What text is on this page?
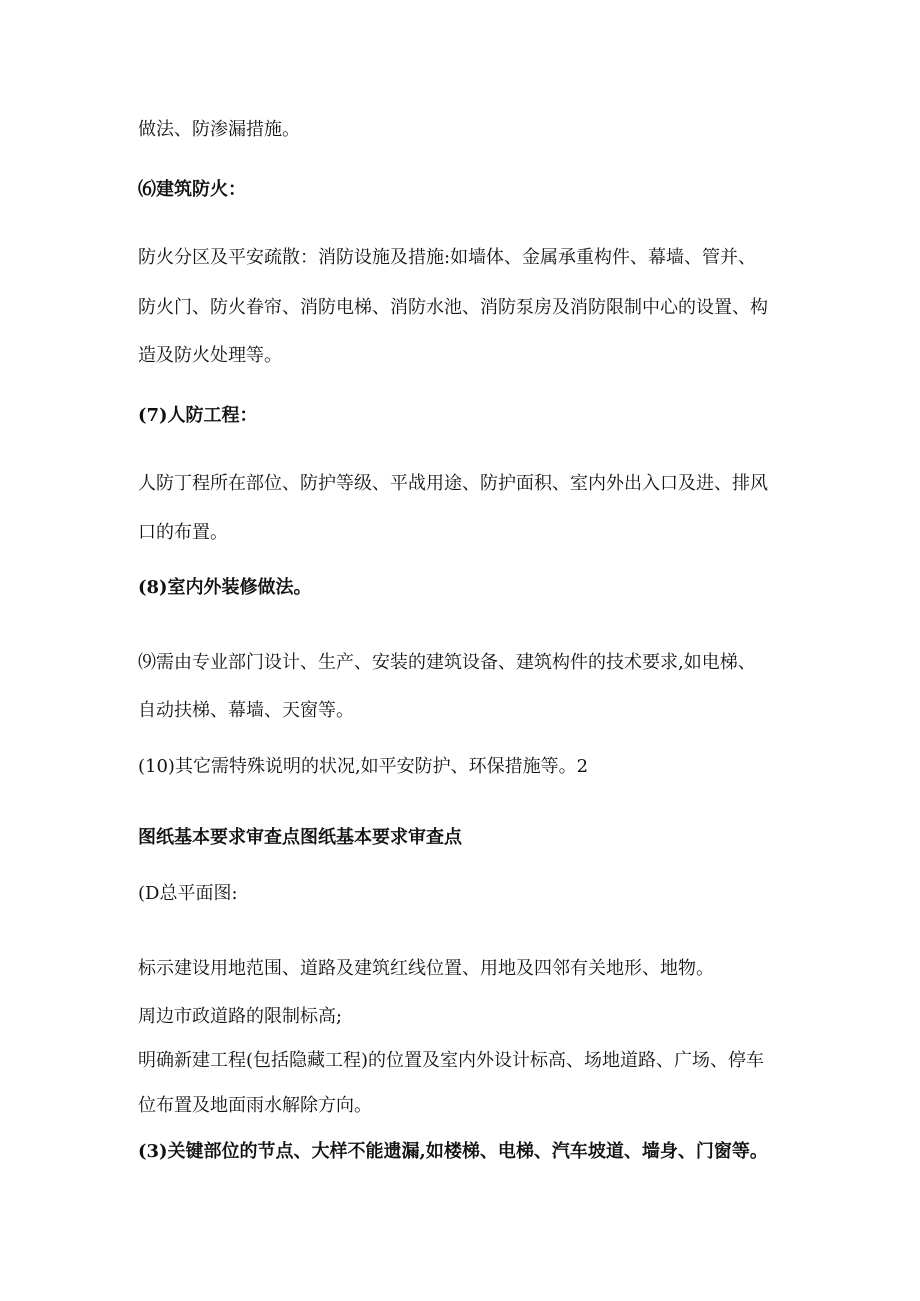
做法、防渗漏措施。

⑹建筑防火：

防火分区及平安疏散：消防设施及措施:如墙体、金属承重构件、幕墙、管并、

防火门、防火眷帘、消防电梯、消防水池、消防泵房及消防限制中心的设置、构

造及防火处理等。

(7)人防工程：

人防丁程所在部位、防护等级、平战用途、防护面积、室内外出入口及进、排风

口的布置。

(8)室内外装修做法。

⑼需由专业部门设计、生产、安装的建筑设备、建筑构件的技术要求,如电梯、

自动扶梯、幕墙、天窗等。

(10)其它需特殊说明的状况,如平安防护、环保措施等。2

图纸基本要求审查点图纸基本要求审查点

(D总平面图:

标示建设用地范围、道路及建筑红线位置、用地及四邻有关地形、地物。

周边市政道路的限制标高;

明确新建工程(包括隐藏工程)的位置及室内外设计标高、场地道路、广场、停车

位布置及地面雨水解除方向。

(3)关键部位的节点、大样不能遗漏,如楼梯、电梯、汽车坡道、墙身、门窗等。
